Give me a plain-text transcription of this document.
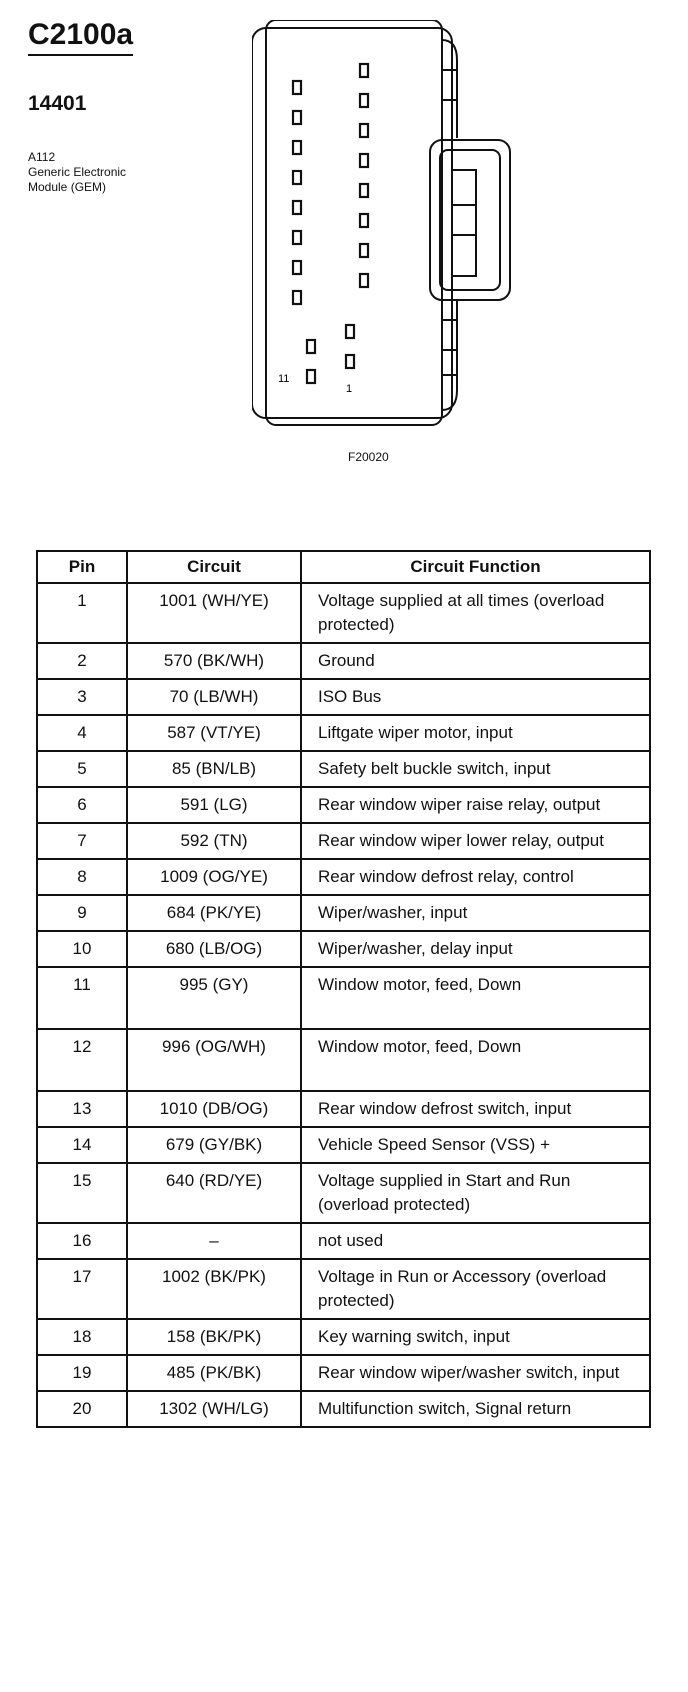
C2100a
14401
A112
Generic Electronic
Module (GEM)
11
1
F20020
Pin	Circuit	Circuit Function
1	1001 (WH/YE)	Voltage supplied at all times (overload protected)
2	570 (BK/WH)	Ground
3	70 (LB/WH)	ISO Bus
4	587 (VT/YE)	Liftgate wiper motor, input
5	85 (BN/LB)	Safety belt buckle switch, input
6	591 (LG)	Rear window wiper raise relay, output
7	592 (TN)	Rear window wiper lower relay, output
8	1009 (OG/YE)	Rear window defrost relay, control
9	684 (PK/YE)	Wiper/washer, input
10	680 (LB/OG)	Wiper/washer, delay input
11	995 (GY)	Window motor, feed, Down
12	996 (OG/WH)	Window motor, feed, Down
13	1010 (DB/OG)	Rear window defrost switch, input
14	679 (GY/BK)	Vehicle Speed Sensor (VSS) +
15	640 (RD/YE)	Voltage supplied in Start and Run (overload protected)
16	–	not used
17	1002 (BK/PK)	Voltage in Run or Accessory (overload protected)
18	158 (BK/PK)	Key warning switch, input
19	485 (PK/BK)	Rear window wiper/washer switch, input
20	1302 (WH/LG)	Multifunction switch, Signal return
